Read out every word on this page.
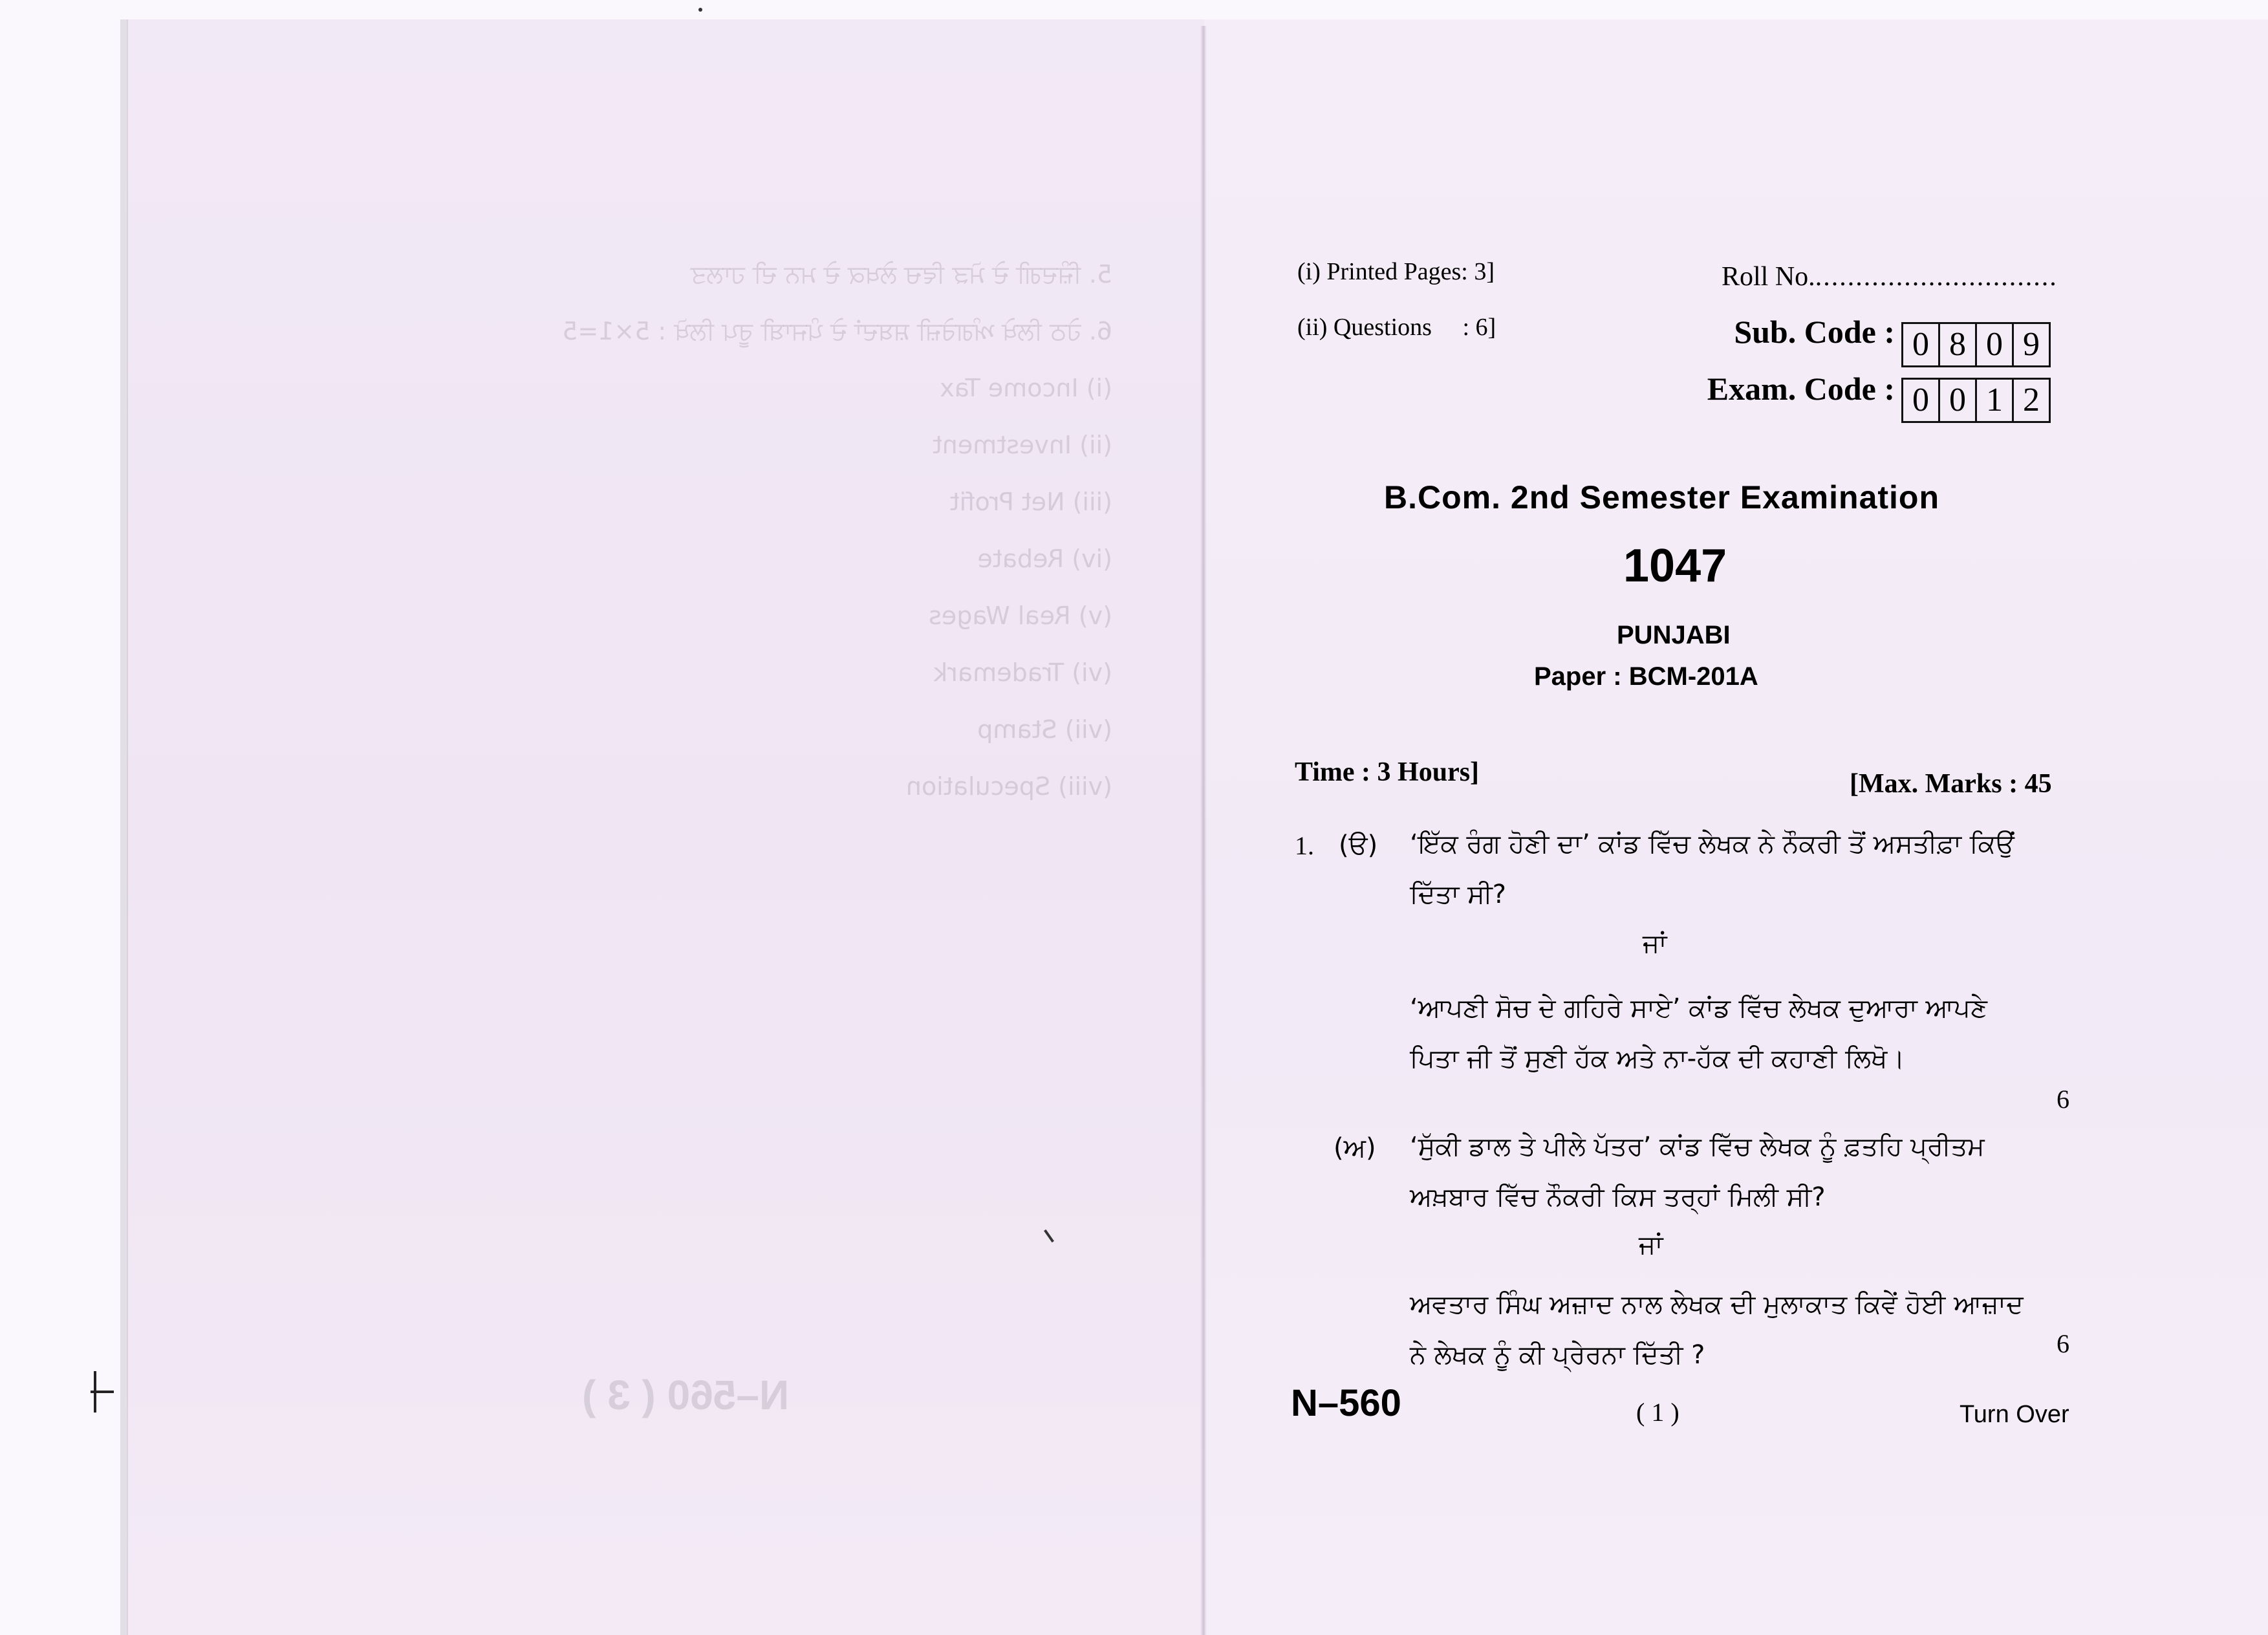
5. ਜ਼ਿੰਦਗੀ ਦੇ ਮੋੜ ਵਿਚ ਲੇਖਕ ਦੇ ਮਨ ਦੀ ਹਾਲਤ
6. ਹੇਠ ਲਿਖੇ ਅੰਗਰੇਜ਼ੀ ਸ਼ਬਦਾਂ ਦੇ ਪੰਜਾਬੀ ਰੂਪ ਲਿਖੋ : 5×1=5
(i) Income Tax
(ii) Investment
(iii) Net Profit
(iv) Rebate
(v) Real Wages
(vi) Trademark
(vii) Stamp
(viii) Speculation
N–560 ( 3 )
(i) Printed Pages: 3]
(ii) Questions : 6]
Roll No...............................
Sub. Code : 0 8 0 9
Exam. Code : 0 0 1 2
B.Com. 2nd Semester Examination
1047
PUNJABI
Paper : BCM-201A
Time : 3 Hours]	[Max. Marks : 45
1. (ੳ) ‘ਇੱਕ ਰੰਗ ਹੋਣੀ ਦਾ’ ਕਾਂਡ ਵਿੱਚ ਲੇਖਕ ਨੇ ਨੌਕਰੀ ਤੋਂ ਅਸਤੀਫ਼ਾ ਕਿਉਂ ਦਿੱਤਾ ਸੀ?
ਜਾਂ
‘ਆਪਣੀ ਸੋਚ ਦੇ ਗਹਿਰੇ ਸਾਏ’ ਕਾਂਡ ਵਿੱਚ ਲੇਖਕ ਦੁਆਰਾ ਆਪਣੇ ਪਿਤਾ ਜੀ ਤੋਂ ਸੁਣੀ ਹੱਕ ਅਤੇ ਨਾ-ਹੱਕ ਦੀ ਕਹਾਣੀ ਲਿਖੋ।
6
(ਅ) ‘ਸੁੱਕੀ ਡਾਲ ਤੇ ਪੀਲੇ ਪੱਤਰ’ ਕਾਂਡ ਵਿੱਚ ਲੇਖਕ ਨੂੰ ਫ਼ਤਹਿ ਪ੍ਰੀਤਮ ਅਖ਼ਬਾਰ ਵਿੱਚ ਨੌਕਰੀ ਕਿਸ ਤਰ੍ਹਾਂ ਮਿਲੀ ਸੀ?
ਜਾਂ
ਅਵਤਾਰ ਸਿੰਘ ਅਜ਼ਾਦ ਨਾਲ ਲੇਖਕ ਦੀ ਮੁਲਾਕਾਤ ਕਿਵੇਂ ਹੋਈ ਆਜ਼ਾਦ ਨੇ ਲੇਖਕ ਨੂੰ ਕੀ ਪ੍ਰੇਰਨਾ ਦਿੱਤੀ ?	6
N–560	( 1 )	Turn Over
